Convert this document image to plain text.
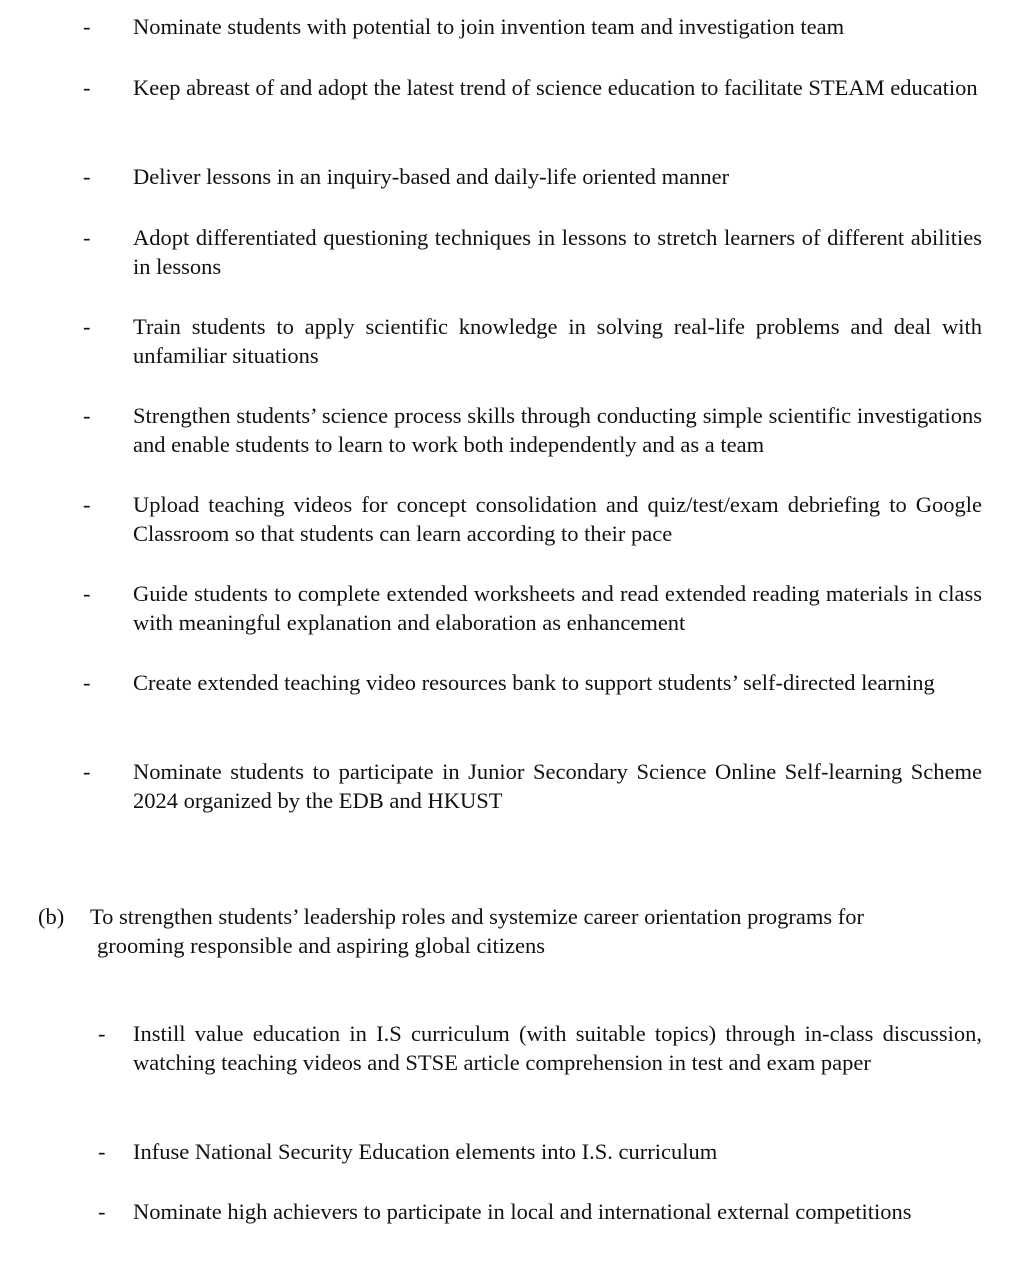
- Nominate students with potential to join invention team and investigation team
- Keep abreast of and adopt the latest trend of science education to facilitate STEAM education
- Deliver lessons in an inquiry-based and daily-life oriented manner
- Adopt differentiated questioning techniques in lessons to stretch learners of different abilities in lessons
- Train students to apply scientific knowledge in solving real-life problems and deal with unfamiliar situations
- Strengthen students’ science process skills through conducting simple scientific investigations and enable students to learn to work both independently and as a team
- Upload teaching videos for concept consolidation and quiz/test/exam debriefing to Google Classroom so that students can learn according to their pace
- Guide students to complete extended worksheets and read extended reading materials in class with meaningful explanation and elaboration as enhancement
- Create extended teaching video resources bank to support students’ self-directed learning
- Nominate students to participate in Junior Secondary Science Online Self-learning Scheme 2024 organized by the EDB and HKUST
(b) To strengthen students’ leadership roles and systemize career orientation programs for
grooming responsible and aspiring global citizens
- Instill value education in I.S curriculum (with suitable topics) through in-class discussion, watching teaching videos and STSE article comprehension in test and exam paper
- Infuse National Security Education elements into I.S. curriculum
- Nominate high achievers to participate in local and international external competitions
